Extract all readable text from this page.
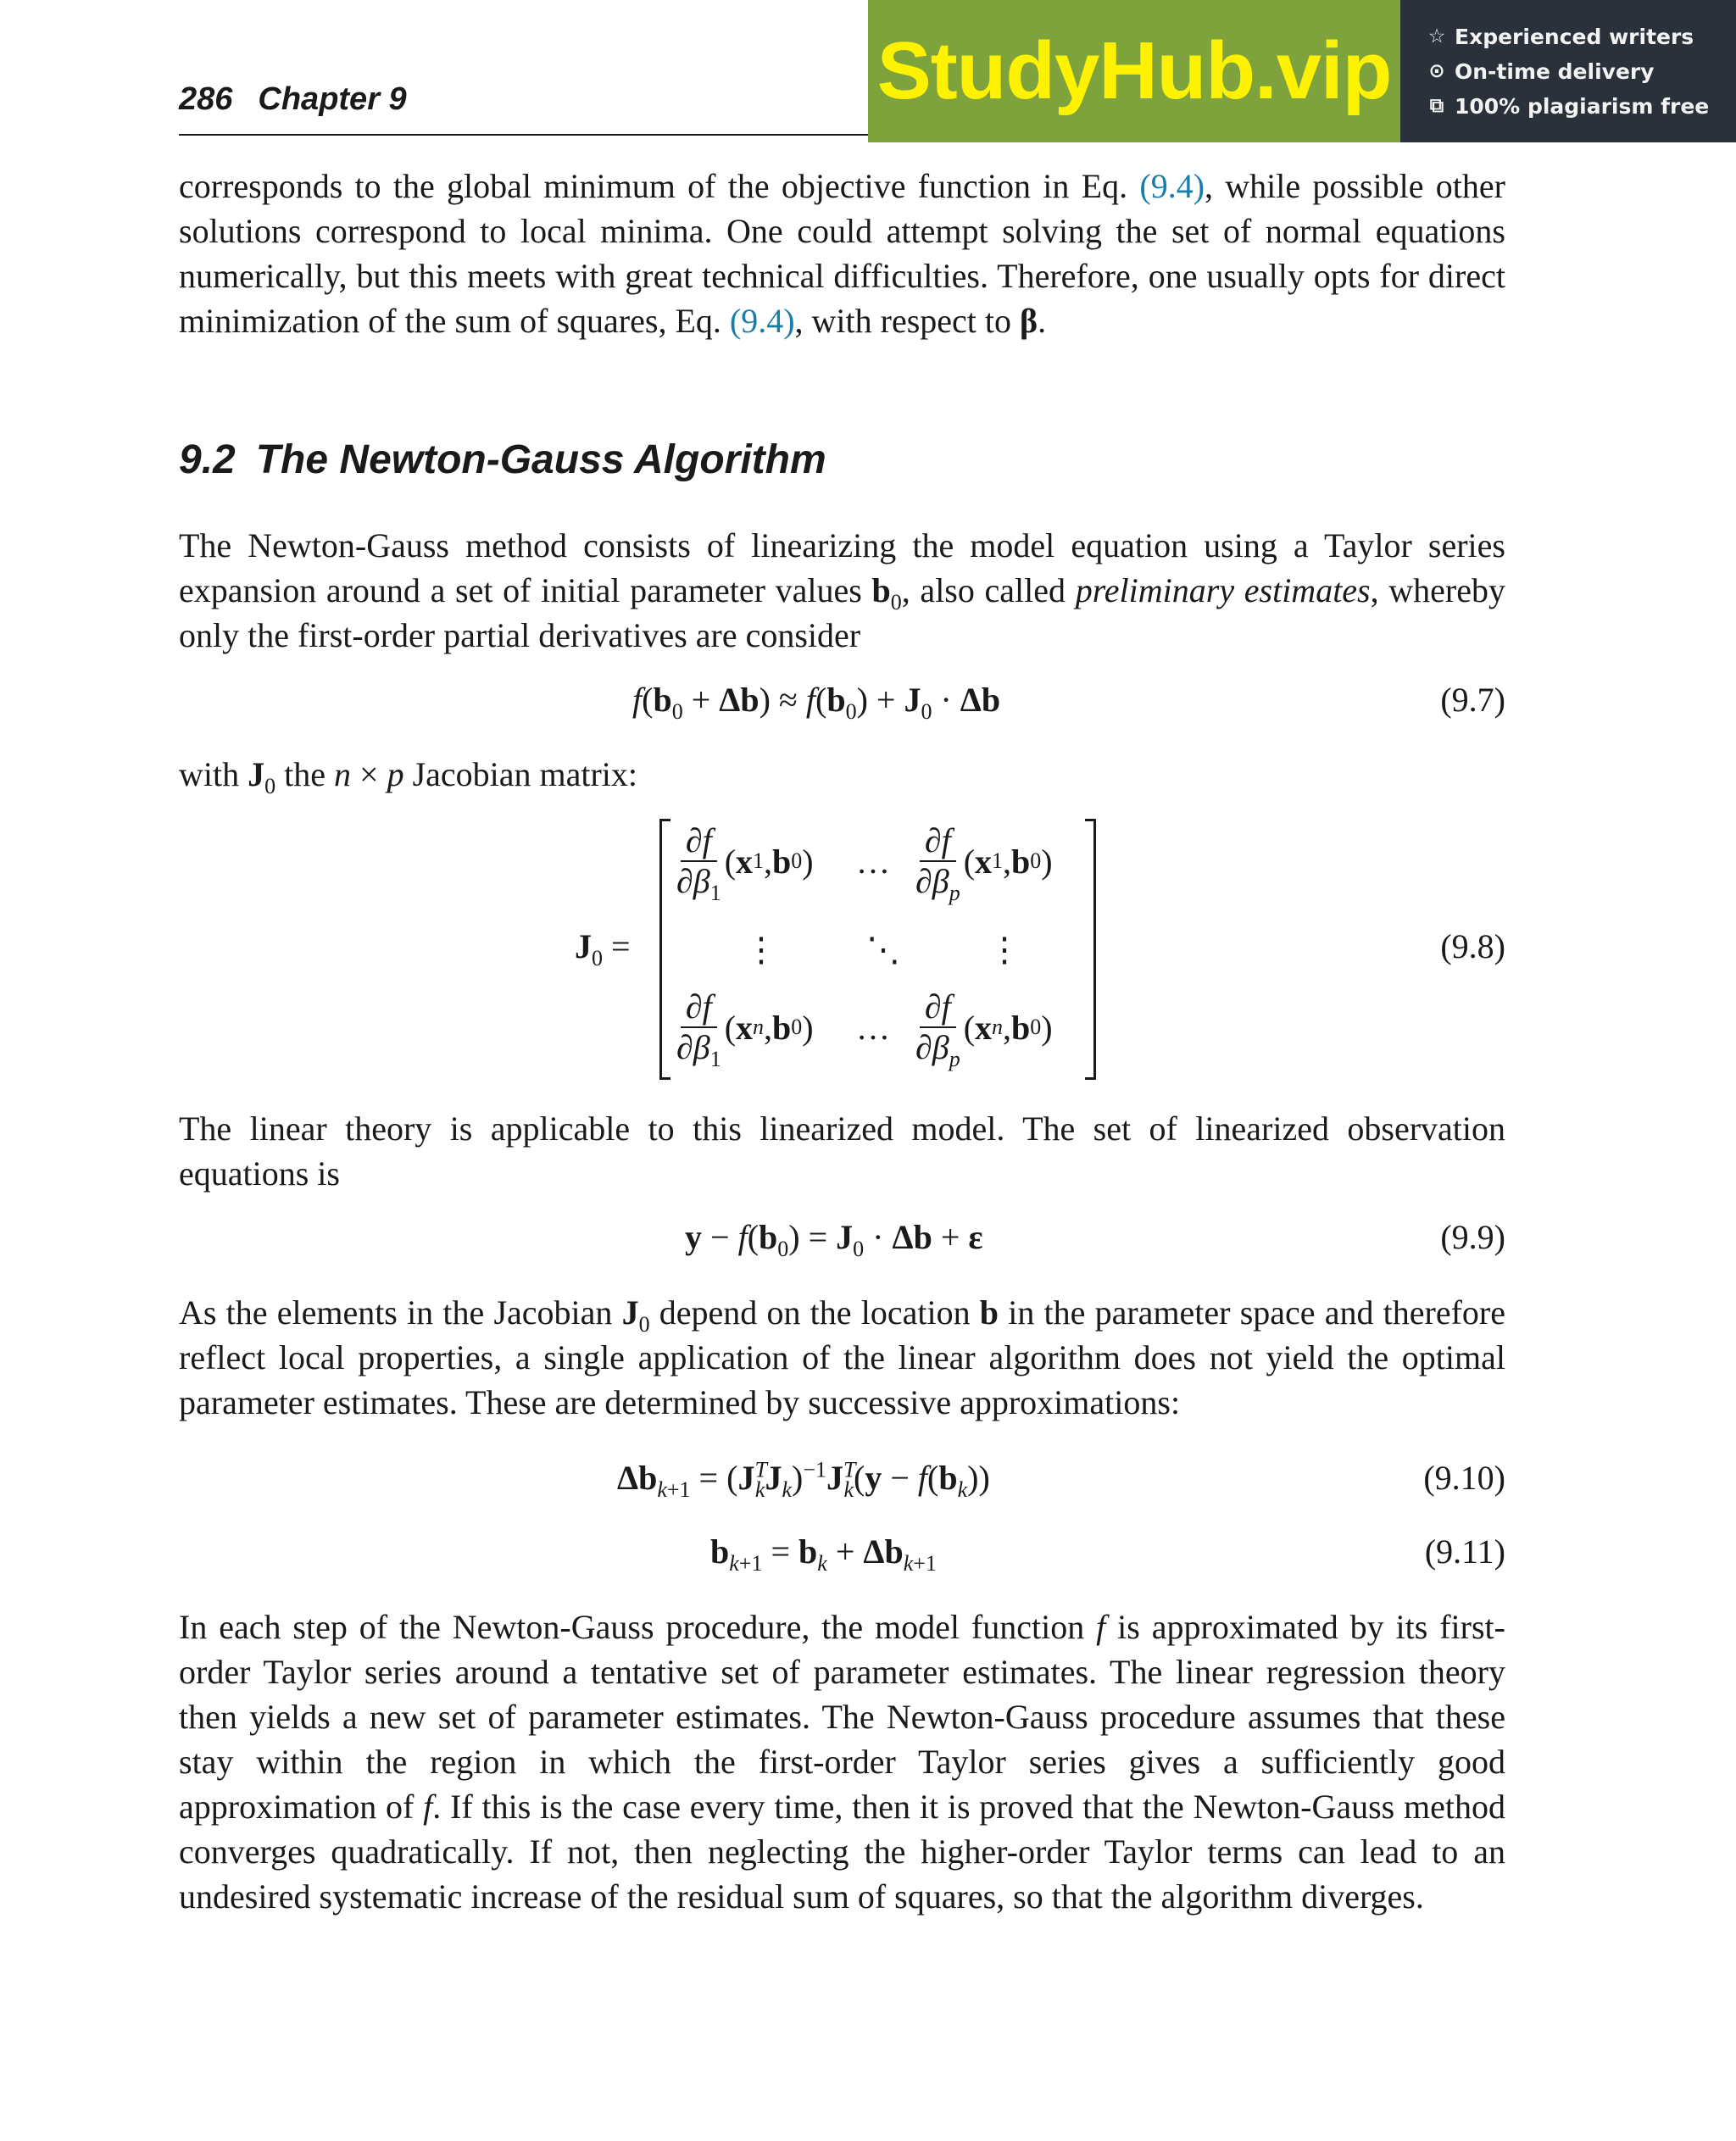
286 Chapter 9	StudyHub.vip ☆ Experienced writers
⊙ On-time delivery
⧉ 100% plagiarism free
corresponds to the global minimum of the objective function in Eq. (9.4), while possible other solutions correspond to local minima. One could attempt solving the set of normal equations numerically, but this meets with great technical difficulties. Therefore, one usually opts for direct minimization of the sum of squares, Eq. (9.4), with respect to β.
9.2 The Newton-Gauss Algorithm
The Newton-Gauss method consists of linearizing the model equation using a Taylor series expansion around a set of initial parameter values $b_0$, also called preliminary estimates, whereby only the first-order partial derivatives are consider
$f(b_0 + \Delta b) \approx f(b_0) + J_0 \cdot \Delta b$	(9.7)
with $J_0$ the n × p Jacobian matrix:
$J_0$ =
$\frac{\partial f}{\partial\beta_1}$ ( x 1 , b 0 ) … $\frac{\partial f}{\partial\beta_p}$ ( x 1 , b 0 )
⋮	⋱	⋮
$\frac{\partial f}{\partial\beta_1}$ ( x n , b 0 ) … $\frac{\partial f}{\partial\beta_p}$ ( x n , b 0 )
(9.8)
The linear theory is applicable to this linearized model. The set of linearized observation equations is
$y - f(b_0) = J_0 \cdot \Delta b + \varepsilon$	(9.9)
As the elements in the Jacobian $J_0$ depend on the location b in the parameter space and therefore reflect local properties, a single application of the linear algorithm does not yield the optimal parameter estimates. These are determined by successive approximations:
$\Delta b_{k+1} = (J^T_kJ_k)^{-1}J^T_k(y - f(b_k))$	(9.10)
$b_{k+1} = b_k + \Delta b_{k+1}$	(9.11)
In each step of the Newton-Gauss procedure, the model function f is approximated by its first-order Taylor series around a tentative set of parameter estimates. The linear regression theory then yields a new set of parameter estimates. The Newton-Gauss procedure assumes that these stay within the region in which the first-order Taylor series gives a sufficiently good approximation of f. If this is the case every time, then it is proved that the Newton-Gauss method converges quadratically. If not, then neglecting the higher-order Taylor terms can lead to an undesired systematic increase of the residual sum of squares, so that the algorithm diverges.
